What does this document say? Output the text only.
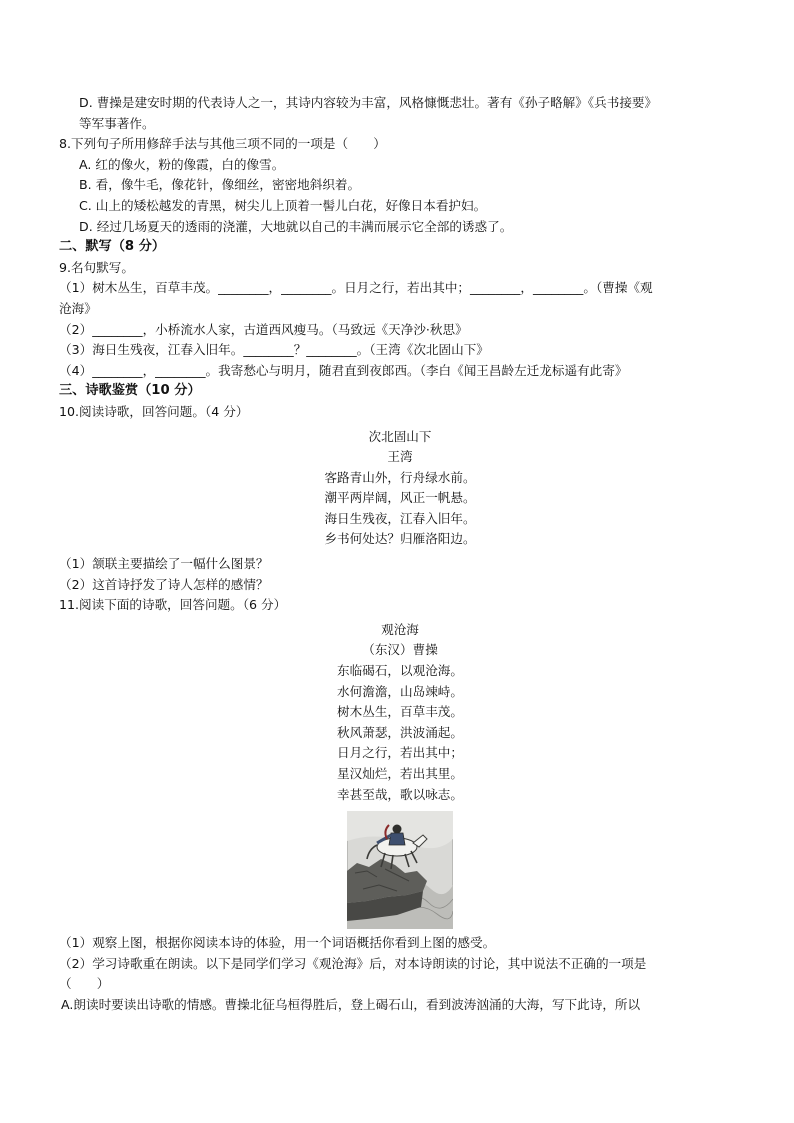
D. 曹操是建安时期的代表诗人之一，其诗内容较为丰富，风格慷慨悲壮。著有《孙子略解》《兵书接要》

等军事著作。

8.下列句子所用修辞手法与其他三项不同的一项是（　　）

A. 红的像火，粉的像霞，白的像雪。

B. 看，像牛毛，像花针，像细丝，密密地斜织着。

C. 山上的矮松越发的青黑，树尖儿上顶着一髻儿白花，好像日本看护妇。

D. 经过几场夏天的透雨的浇灌，大地就以自己的丰满而展示它全部的诱惑了。

二、默写（8 分）

9.名句默写。

（1）树木丛生，百草丰茂。________，________。日月之行，若出其中；________，________。（曹操《观

沧海》

（2）________，小桥流水人家，古道西风瘦马。（马致远《天净沙·秋思》

（3）海日生残夜，江春入旧年。________？________。（王湾《次北固山下》

（4）________，________。我寄愁心与明月，随君直到夜郎西。（李白《闻王昌龄左迁龙标遥有此寄》

三、诗歌鉴赏（10 分）

10.阅读诗歌，回答问题。（4 分）

次北固山下

王湾

客路青山外，行舟绿水前。

潮平两岸阔，风正一帆悬。

海日生残夜，江春入旧年。

乡书何处达？归雁洛阳边。

（1）颔联主要描绘了一幅什么图景？

（2）这首诗抒发了诗人怎样的感情？

11.阅读下面的诗歌，回答问题。（6 分）

观沧海

（东汉）曹操

东临碣石，以观沧海。

水何澹澹，山岛竦峙。

树木丛生，百草丰茂。

秋风萧瑟，洪波涌起。

日月之行，若出其中；

星汉灿烂，若出其里。

幸甚至哉，歌以咏志。

（1）观察上图，根据你阅读本诗的体验，用一个词语概括你看到上图的感受。

（2）学习诗歌重在朗读。以下是同学们学习《观沧海》后，对本诗朗读的讨论，其中说法不正确的一项是

（　　）

A.朗读时要读出诗歌的情感。曹操北征乌桓得胜后，登上碣石山，看到波涛汹涌的大海，写下此诗，所以
